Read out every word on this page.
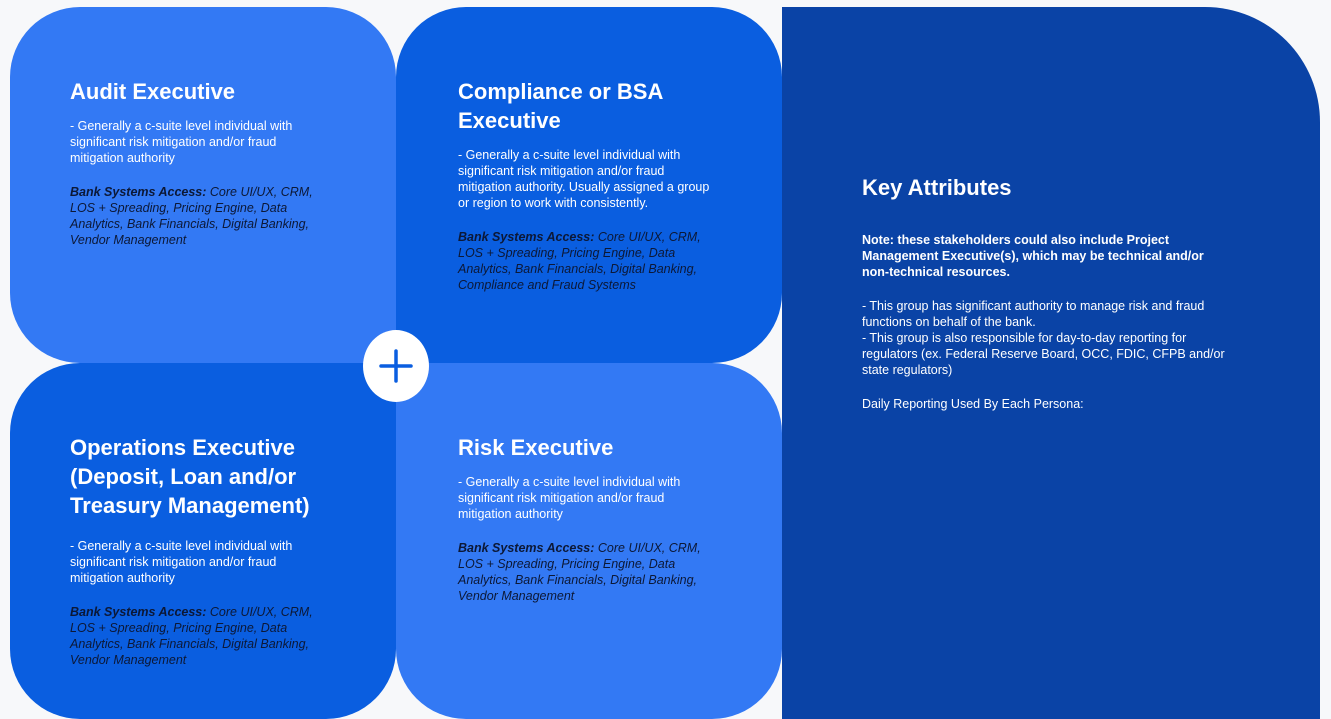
Audit Executive
- Generally a c-suite level individual with significant risk mitigation and/or fraud mitigation authority
Bank Systems Access: Core UI/UX, CRM, LOS + Spreading, Pricing Engine, Data Analytics, Bank Financials, Digital Banking, Vendor Management
Compliance or BSA Executive
- Generally a c-suite level individual with significant risk mitigation and/or fraud mitigation authority. Usually assigned a group or region to work with consistently.
Bank Systems Access: Core UI/UX, CRM, LOS + Spreading, Pricing Engine, Data Analytics, Bank Financials, Digital Banking, Compliance and Fraud Systems
Operations Executive (Deposit, Loan and/or Treasury Management)
- Generally a c-suite level individual with significant risk mitigation and/or fraud mitigation authority
Bank Systems Access: Core UI/UX, CRM, LOS + Spreading, Pricing Engine, Data Analytics, Bank Financials, Digital Banking, Vendor Management
Risk Executive
- Generally a c-suite level individual with significant risk mitigation and/or fraud mitigation authority
Bank Systems Access: Core UI/UX, CRM, LOS + Spreading, Pricing Engine, Data Analytics, Bank Financials, Digital Banking, Vendor Management
Key Attributes
Note: these stakeholders could also include Project Management Executive(s), which may be technical and/or non-technical resources.
- This group has significant authority to manage risk and fraud functions on behalf of the bank.
- This group is also responsible for day-to-day reporting for regulators (ex. Federal Reserve Board, OCC, FDIC, CFPB and/or state regulators)
Daily Reporting Used By Each Persona:
